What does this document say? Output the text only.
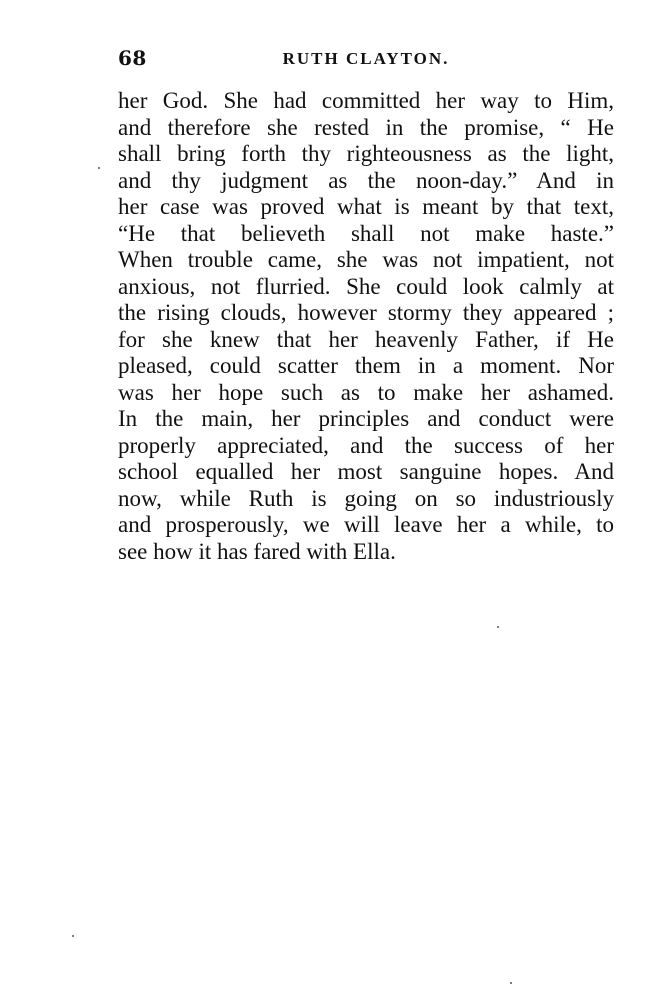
68	RUTH CLAYTON.
her God. She had committed her way to Him,
and therefore she rested in the promise, “ He
shall bring forth thy righteousness as the light,
and thy judgment as the noon-day.” And in
her case was proved what is meant by that text,
“He that believeth shall not make haste.”
When trouble came, she was not impatient, not
anxious, not flurried. She could look calmly at
the rising clouds, however stormy they appeared ;
for she knew that her heavenly Father, if He
pleased, could scatter them in a moment. Nor
was her hope such as to make her ashamed.
In the main, her principles and conduct were
properly appreciated, and the success of her
school equalled her most sanguine hopes. And
now, while Ruth is going on so industriously
and prosperously, we will leave her a while, to
see how it has fared with Ella.
